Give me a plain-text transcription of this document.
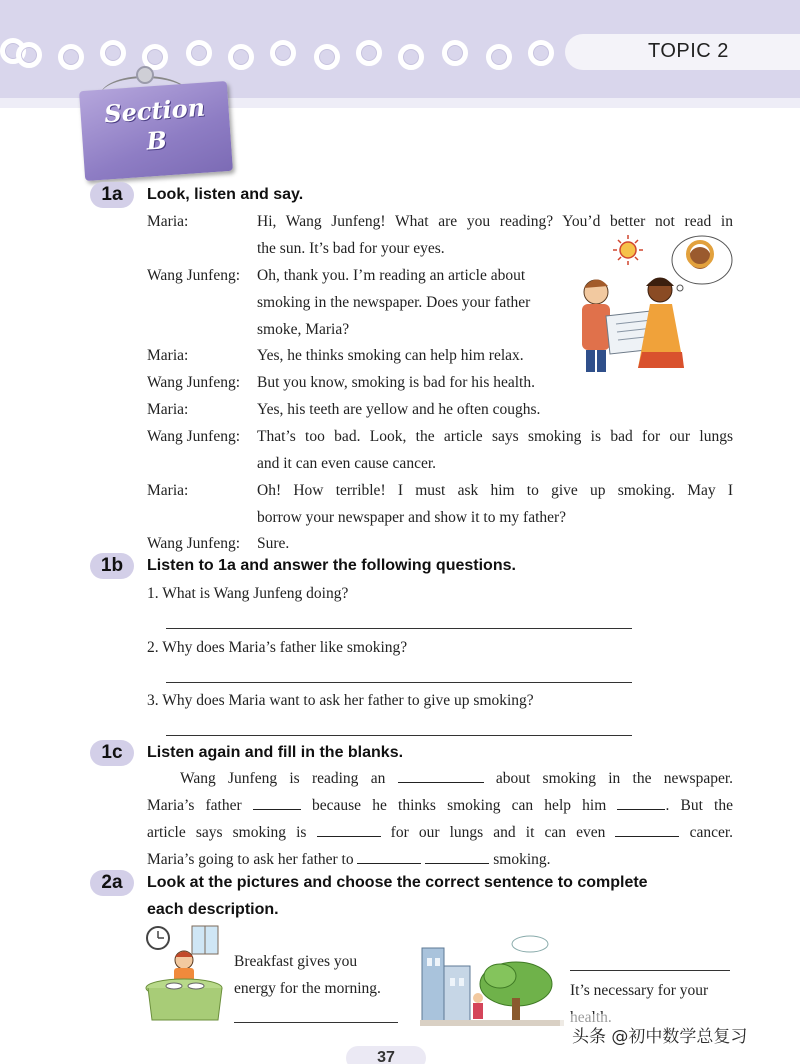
TOPIC 2
Section
B
1a	Look, listen and say.
Maria:	Hi, Wang Junfeng! What are you reading? You’d better not read in
the sun. It’s bad for your eyes.
Wang Junfeng: Oh, thank you. I’m reading an article about
smoking in the newspaper. Does your father
smoke, Maria?
Maria:	Yes, he thinks smoking can help him relax.
Wang Junfeng: But you know, smoking is bad for his health.
Maria:	Yes, his teeth are yellow and he often coughs.
Wang Junfeng: That’s too bad. Look, the article says smoking is bad for our lungs
and it can even cause cancer.
Maria:	Oh! How terrible! I must ask him to give up smoking. May I
borrow your newspaper and show it to my father?
Wang Junfeng: Sure.
1b	Listen to 1a and answer the following questions.
1. What is Wang Junfeng doing?
2. Why does Maria’s father like smoking?
3. Why does Maria want to ask her father to give up smoking?
1c	Listen again and fill in the blanks.
Wang Junfeng is reading an	about smoking in the newspaper.
Maria’s father	because he thinks smoking can help him	. But the
article says smoking is	for our lungs and it can even	cancer.
Maria’s going to ask her father to	smoking.
2a	Look at the pictures and choose the correct sentence to complete
each description.
Breakfast gives you
energy for the morning.	It’s necessary for your
37
头条 @初中数学总复习
